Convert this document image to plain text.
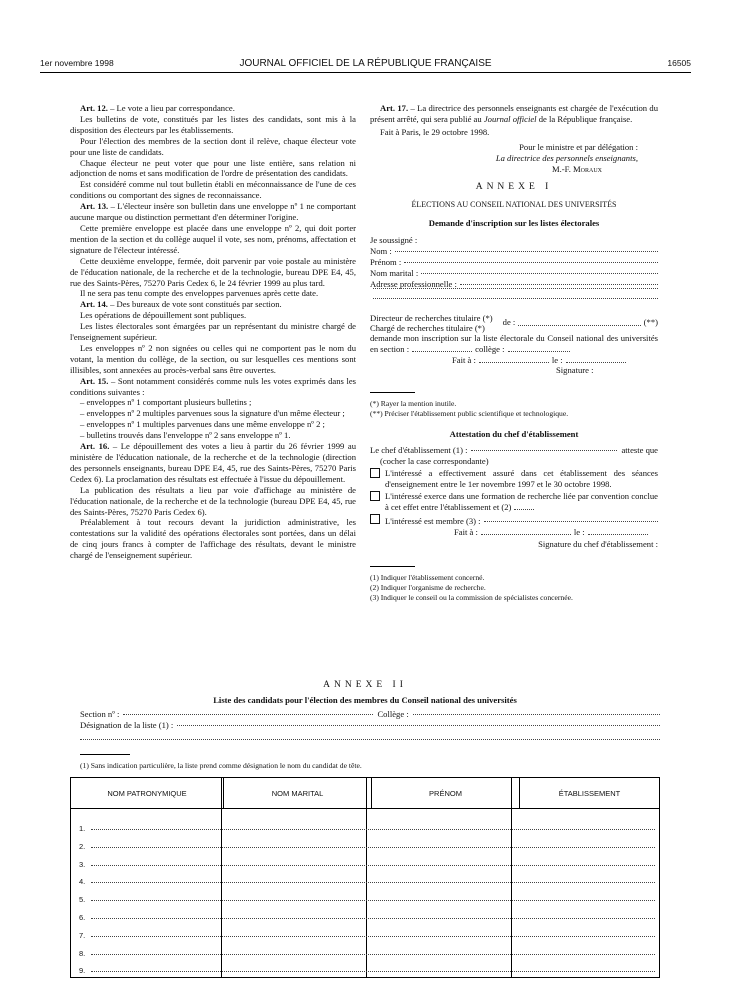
1er novembre 1998	JOURNAL OFFICIEL DE LA RÉPUBLIQUE FRANÇAISE	16505

Art. 12. – Le vote a lieu par correspondance.

Les bulletins de vote, constitués par les listes des candidats, sont mis à la disposition des électeurs par les établissements.

Pour l'élection des membres de la section dont il relève, chaque électeur vote pour une liste de candidats.

Chaque électeur ne peut voter que pour une liste entière, sans relation ni adjonction de noms et sans modification de l'ordre de présentation des candidats.

Est considéré comme nul tout bulletin établi en méconnaissance de l'une de ces conditions ou comportant des signes de reconnaissance.

Art. 13. – L'électeur insère son bulletin dans une enveloppe nº 1 ne comportant aucune marque ou distinction permettant d'en déterminer l'origine.

Cette première enveloppe est placée dans une enveloppe nº 2, qui doit porter mention de la section et du collège auquel il vote, ses nom, prénoms, affectation et signature de l'électeur intéressé.

Cette deuxième enveloppe, fermée, doit parvenir par voie postale au ministère de l'éducation nationale, de la recherche et de la technologie, bureau DPE E4, 45, rue des Saints-Pères, 75270 Paris Cedex 6, le 24 février 1999 au plus tard.

Il ne sera pas tenu compte des enveloppes parvenues après cette date.

Art. 14. – Des bureaux de vote sont constitués par section.

Les opérations de dépouillement sont publiques.

Les listes électorales sont émargées par un représentant du ministre chargé de l'enseignement supérieur.

Les enveloppes nº 2 non signées ou celles qui ne comportent pas le nom du votant, la mention du collège, de la section, ou sur lesquelles ces mentions sont illisibles, sont annexées au procès-verbal sans être ouvertes.

Art. 15. – Sont notamment considérés comme nuls les votes exprimés dans les conditions suivantes :

– enveloppes nº 1 comportant plusieurs bulletins ;
– enveloppes nº 2 multiples parvenues sous la signature d'un même électeur ;
– enveloppes nº 1 multiples parvenues dans une même enveloppe nº 2 ;
– bulletins trouvés dans l'enveloppe nº 2 sans enveloppe nº 1.

Art. 16. – Le dépouillement des votes a lieu à partir du 26 février 1999 au ministère de l'éducation nationale, de la recherche et de la technologie (direction des personnels enseignants, bureau DPE E4, 45, rue des Saints-Pères, 75270 Paris Cedex 6). La proclamation des résultats est effectuée à l'issue du dépouillement.

La publication des résultats a lieu par voie d'affichage au ministère de l'éducation nationale, de la recherche et de la technologie (bureau DPE E4, 45, rue des Saints-Pères, 75270 Paris Cedex 6).

Préalablement à tout recours devant la juridiction administrative, les contestations sur la validité des opérations électorales sont portées, dans un délai de cinq jours francs à compter de l'affichage des résultats, devant le ministre chargé de l'enseignement supérieur.

Art. 17. – La directrice des personnels enseignants est chargée de l'exécution du présent arrêté, qui sera publié au Journal officiel de la République française.

Fait à Paris, le 29 octobre 1998.

Pour le ministre et par délégation :
La directrice des personnels enseignants,
M.-F. Moraux
ANNEXE I
ÉLECTIONS AU CONSEIL NATIONAL DES UNIVERSITÉS
Demande d'inscription sur les listes électorales
Je soussigné :
Nom :
Prénom :
Nom marital :
Adresse professionnelle :
Directeur de recherches titulaire (*)
Chargé de recherches titulaire (*)
de :	(**)
demande mon inscription sur la liste électorale du Conseil national des universités en section :	collège :
Fait à :	le :
Signature :
(*) Rayer la mention inutile.
(**) Préciser l'établissement public scientifique et technologique.
Attestation du chef d'établissement
Le chef d'établissement (1) :	atteste que
(cocher la case correspondante)
L'intéressé a effectivement assuré dans cet établissement des séances d'enseignement entre le 1er novembre 1997 et le 30 octobre 1998.
L'intéressé exerce dans une formation de recherche liée par convention conclue à cet effet entre l'établissement et (2)
L'intéressé est membre (3) :
Fait à :	le :
Signature du chef d'établissement :
(1) Indiquer l'établissement concerné.
(2) Indiquer l'organisme de recherche.
(3) Indiquer le conseil ou la commission de spécialistes concernée.
ANNEXE II
Liste des candidats pour l'élection des membres du Conseil national des universités
Section nº :	Collège :
Désignation de la liste (1) :
(1) Sans indication particulière, la liste prend comme désignation le nom du candidat de tête.
NOM PATRONYMIQUE	NOM MARITAL	PRÉNOM	ÉTABLISSEMENT

1.

2.

3.

4.

5.

6.

7.

8.

9.
